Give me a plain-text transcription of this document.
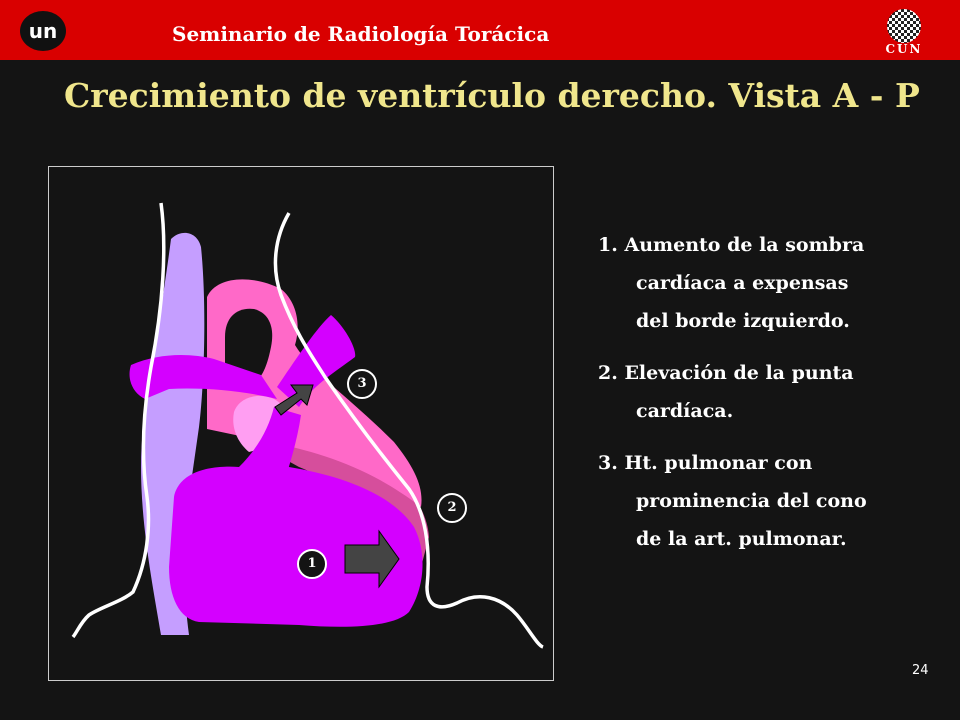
un	Seminario de Radiología Torácica
CUN
Crecimiento de ventrículo derecho. Vista A - P
1
2
3
1. Aumento de la sombra
cardíaca a expensas
del borde izquierdo.
2. Elevación de la punta
cardíaca.
3. Ht. pulmonar con
prominencia del cono
de la art. pulmonar.
24
